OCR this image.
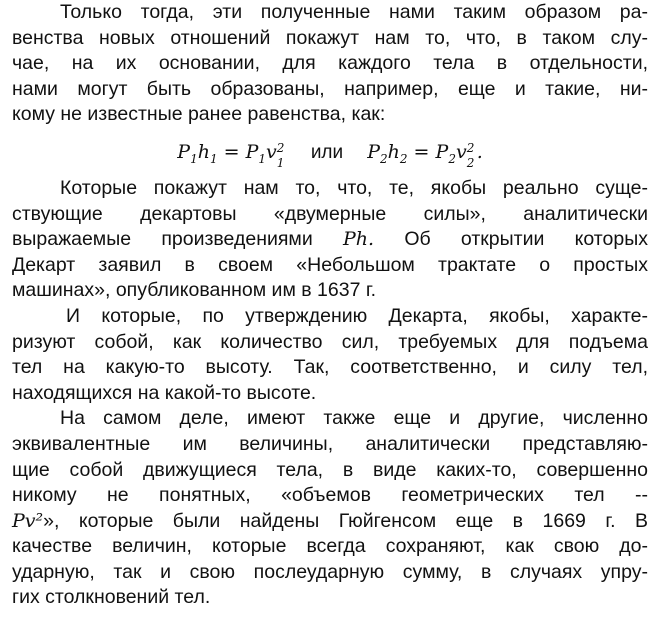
Только тогда, эти полученные нами таким образом ра-
венства новых отношений покажут нам то, что, в таком слу-
чае, на их основании, для каждого тела в отдельности,
нами могут быть образованы, например, еще и такие, ни-
кому не известные ранее равенства, как:
$P_1h_1 = P_1v$ 2
1 или $P_2h_2 = P_2v$ 2
2 .
Которые покажут нам то, что, те, якобы реально суще-
ствующие декартовы «двумерные силы», аналитически
выражаемые произведениями Ph. Об открытии которых
Декарт заявил в своем «Небольшом трактате о простых
машинах», опубликованном им в 1637 г.
И которые, по утверждению Декарта, якобы, характе-
ризуют собой, как количество сил, требуемых для подъема
тел на какую-то высоту. Так, соответственно, и силу тел,
находящихся на какой-то высоте.
На самом деле, имеют также еще и другие, численно
эквивалентные им величины, аналитически представляю-
щие собой движущиеся тела, в виде каких-то, совершенно
никому не понятных, «объемов геометрических тел --
Pv²», которые были найдены Гюйгенсом еще в 1669 г. В
качестве величин, которые всегда сохраняют, как свою до-
ударную, так и свою послеударную сумму, в случаях упру-
гих столкновений тел.
